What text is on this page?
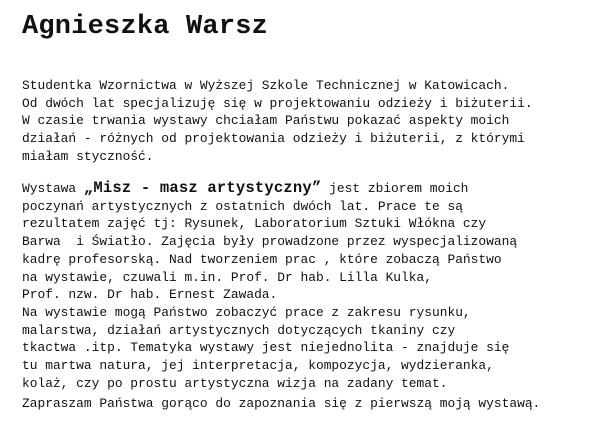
Agnieszka Warsz
Studentka Wzornictwa w Wyższej Szkole Technicznej w Katowicach.
Od dwóch lat specjalizuję się w projektowaniu odzieży i biżuterii.
W czasie trwania wystawy chciałam Państwu pokazać aspekty moich
działań - różnych od projektowania odzieży i biżuterii, z którymi
miałam styczność.
Wystawa „Misz - masz artystyczny” jest zbiorem moich
poczynań artystycznych z ostatnich dwóch lat. Prace te są
rezultatem zajęć tj: Rysunek, Laboratorium Sztuki Włókna czy
Barwa  i Światło. Zajęcia były prowadzone przez wyspecjalizowaną
kadrę profesorską. Nad tworzeniem prac , które zobaczą Państwo
na wystawie, czuwali m.in. Prof. Dr hab. Lilla Kulka,
Prof. nzw. Dr hab. Ernest Zawada.
Na wystawie mogą Państwo zobaczyć prace z zakresu rysunku,
malarstwa, działań artystycznych dotyczących tkaniny czy
tkactwa .itp. Tematyka wystawy jest niejednolita - znajduje się
tu martwa natura, jej interpretacja, kompozycja, wydzieranka,
kolaż, czy po prostu artystyczna wizja na zadany temat.
Zapraszam Państwa gorąco do zapoznania się z pierwszą moją wystawą.
